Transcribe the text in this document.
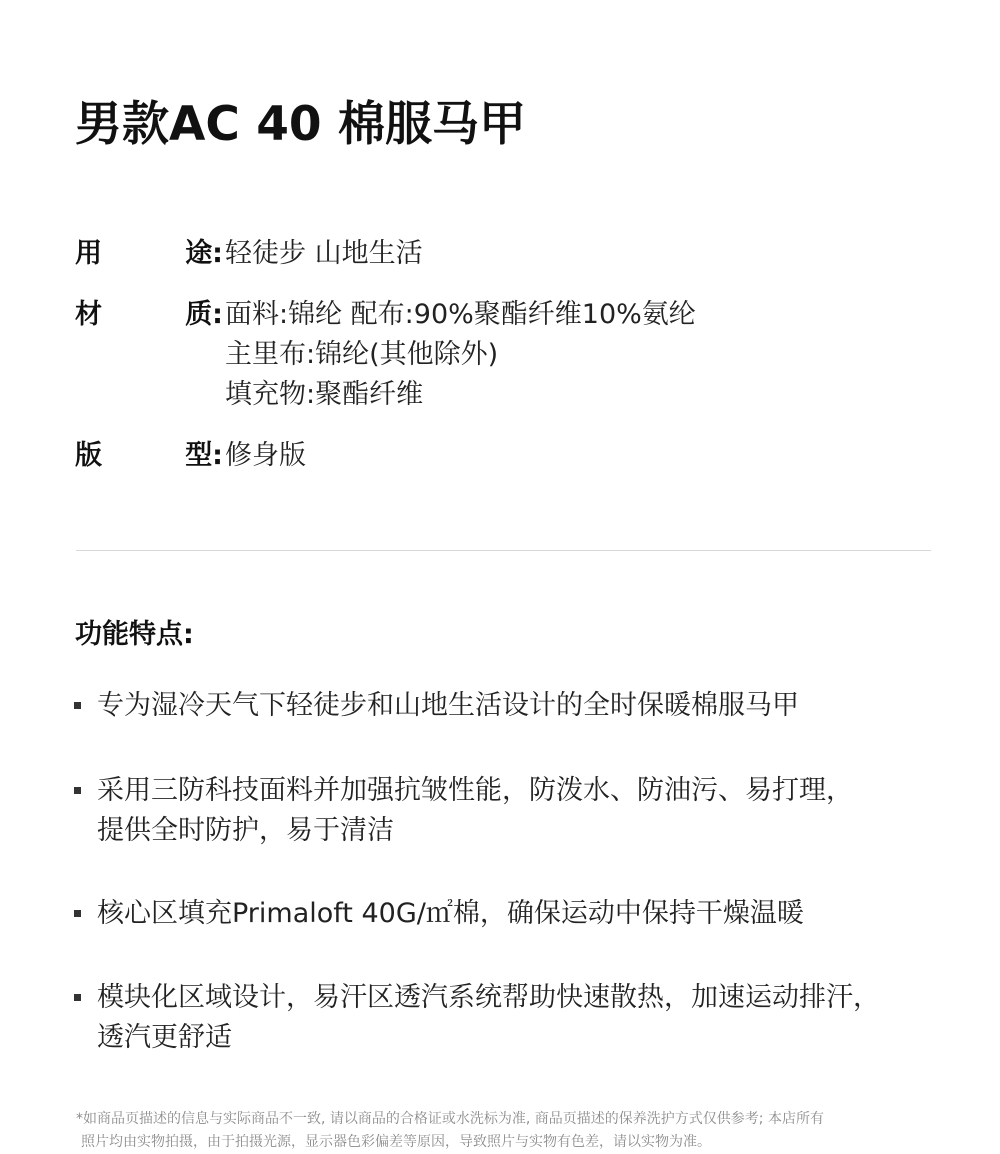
男款AC 40 棉服马甲
用	途: 轻徒步 山地生活
材	质: 面料:锦纶 配布:90%聚酯纤维10%氨纶
主里布:锦纶(其他除外)
填充物:聚酯纤维
版	型: 修身版
功能特点:
专为湿冷天气下轻徒步和山地生活设计的全时保暖棉服马甲
采用三防科技面料并加强抗皱性能，防泼水、防油污、易打理，
提供全时防护，易于清洁
核心区填充Primaloft 40G/㎡棉，确保运动中保持干燥温暖
模块化区域设计，易汗区透汽系统帮助快速散热，加速运动排汗，
透汽更舒适
*如商品页描述的信息与实际商品不一致, 请以商品的合格证或水洗标为准, 商品页描述的保养洗护方式仅供参考; 本店所有
照片均由实物拍摄，由于拍摄光源，显示器色彩偏差等原因，导致照片与实物有色差，请以实物为准。
